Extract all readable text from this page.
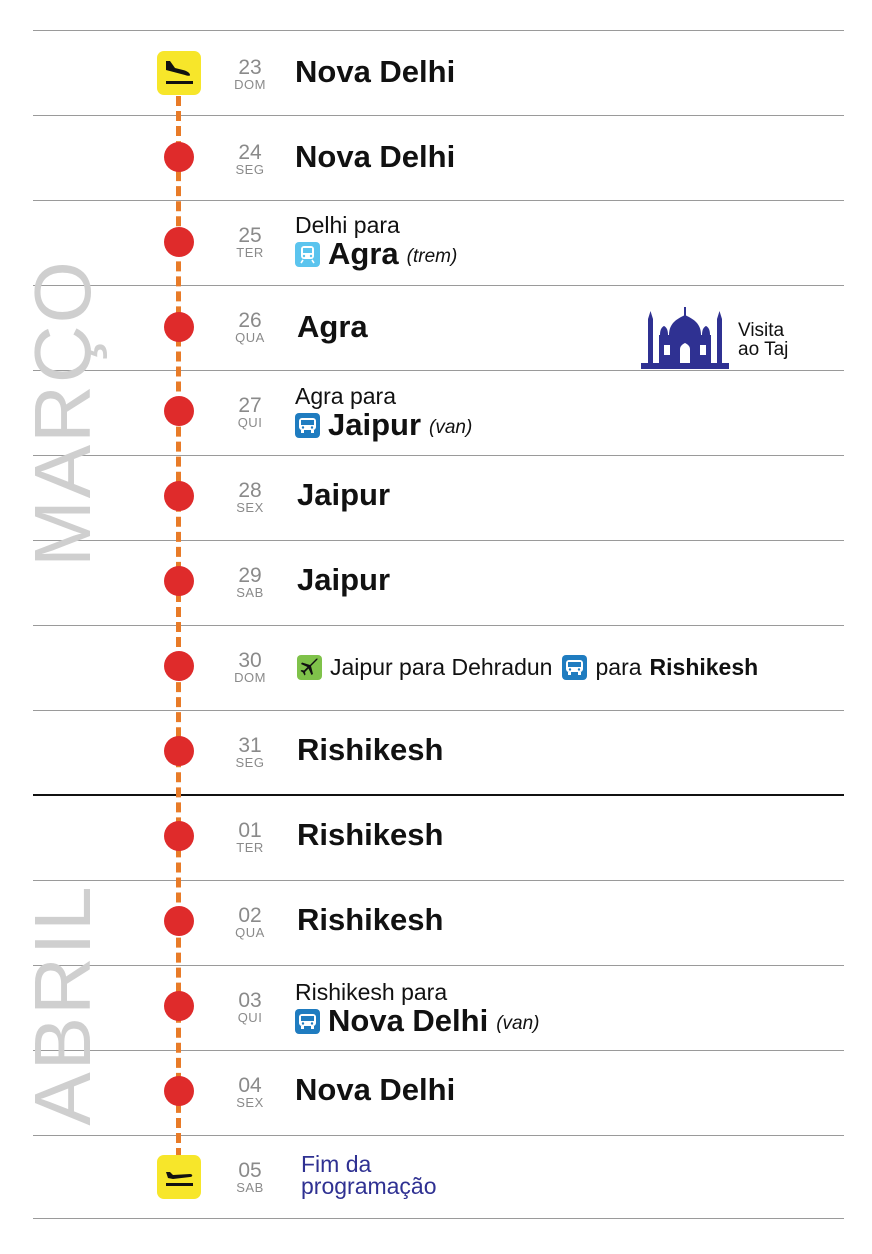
MARÇO
ABRIL
23
DOM
24
SEG
25
TER
26
QUA
27
QUI
28
SEX
29
SAB
30
DOM
31
SEG
01
TER
02
QUA
03
QUI
04
SEX
05
SAB
Nova Delhi
Nova Delhi
Delhi para
Agra (trem)
Agra	Visita ao Taj
Agra para
Jaipur (van)
Jaipur
Jaipur
Jaipur para Dehradun para Rishikesh
Rishikesh
Rishikesh
Rishikesh
Rishikesh para
Nova Delhi (van)
Nova Delhi
Fim da programação
